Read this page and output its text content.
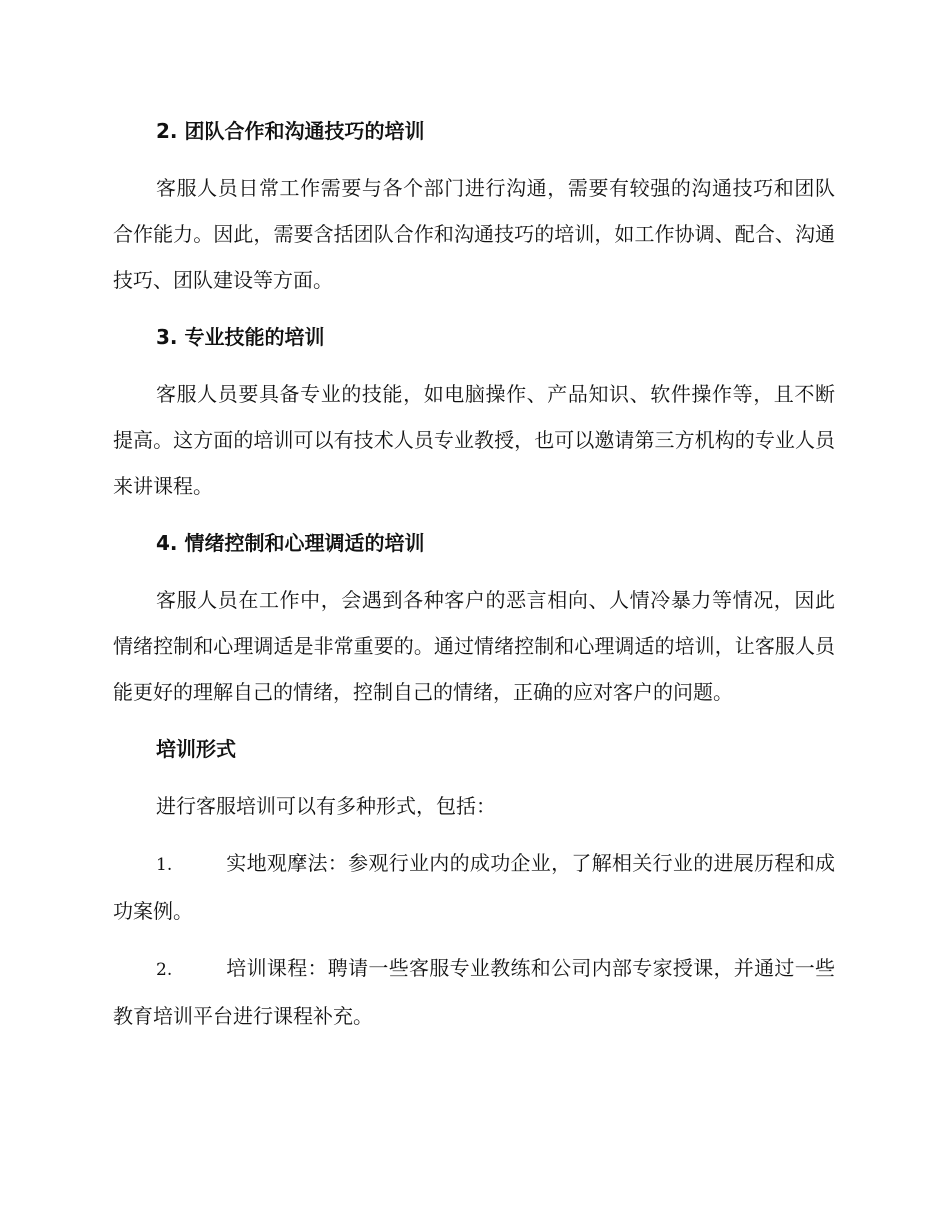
2. 团队合作和沟通技巧的培训

客服人员日常工作需要与各个部门进行沟通，需要有较强的沟通技巧和团队合作能力。因此，需要含括团队合作和沟通技巧的培训，如工作协调、配合、沟通技巧、团队建设等方面。

3. 专业技能的培训

客服人员要具备专业的技能，如电脑操作、产品知识、软件操作等，且不断提高。这方面的培训可以有技术人员专业教授，也可以邀请第三方机构的专业人员来讲课程。

4. 情绪控制和心理调适的培训

客服人员在工作中，会遇到各种客户的恶言相向、人情冷暴力等情况，因此情绪控制和心理调适是非常重要的。通过情绪控制和心理调适的培训，让客服人员能更好的理解自己的情绪，控制自己的情绪，正确的应对客户的问题。

培训形式

进行客服培训可以有多种形式，包括：

1.	实地观摩法：参观行业内的成功企业，了解相关行业的进展历程和成功案例。

2.	培训课程：聘请一些客服专业教练和公司内部专家授课，并通过一些教育培训平台进行课程补充。
